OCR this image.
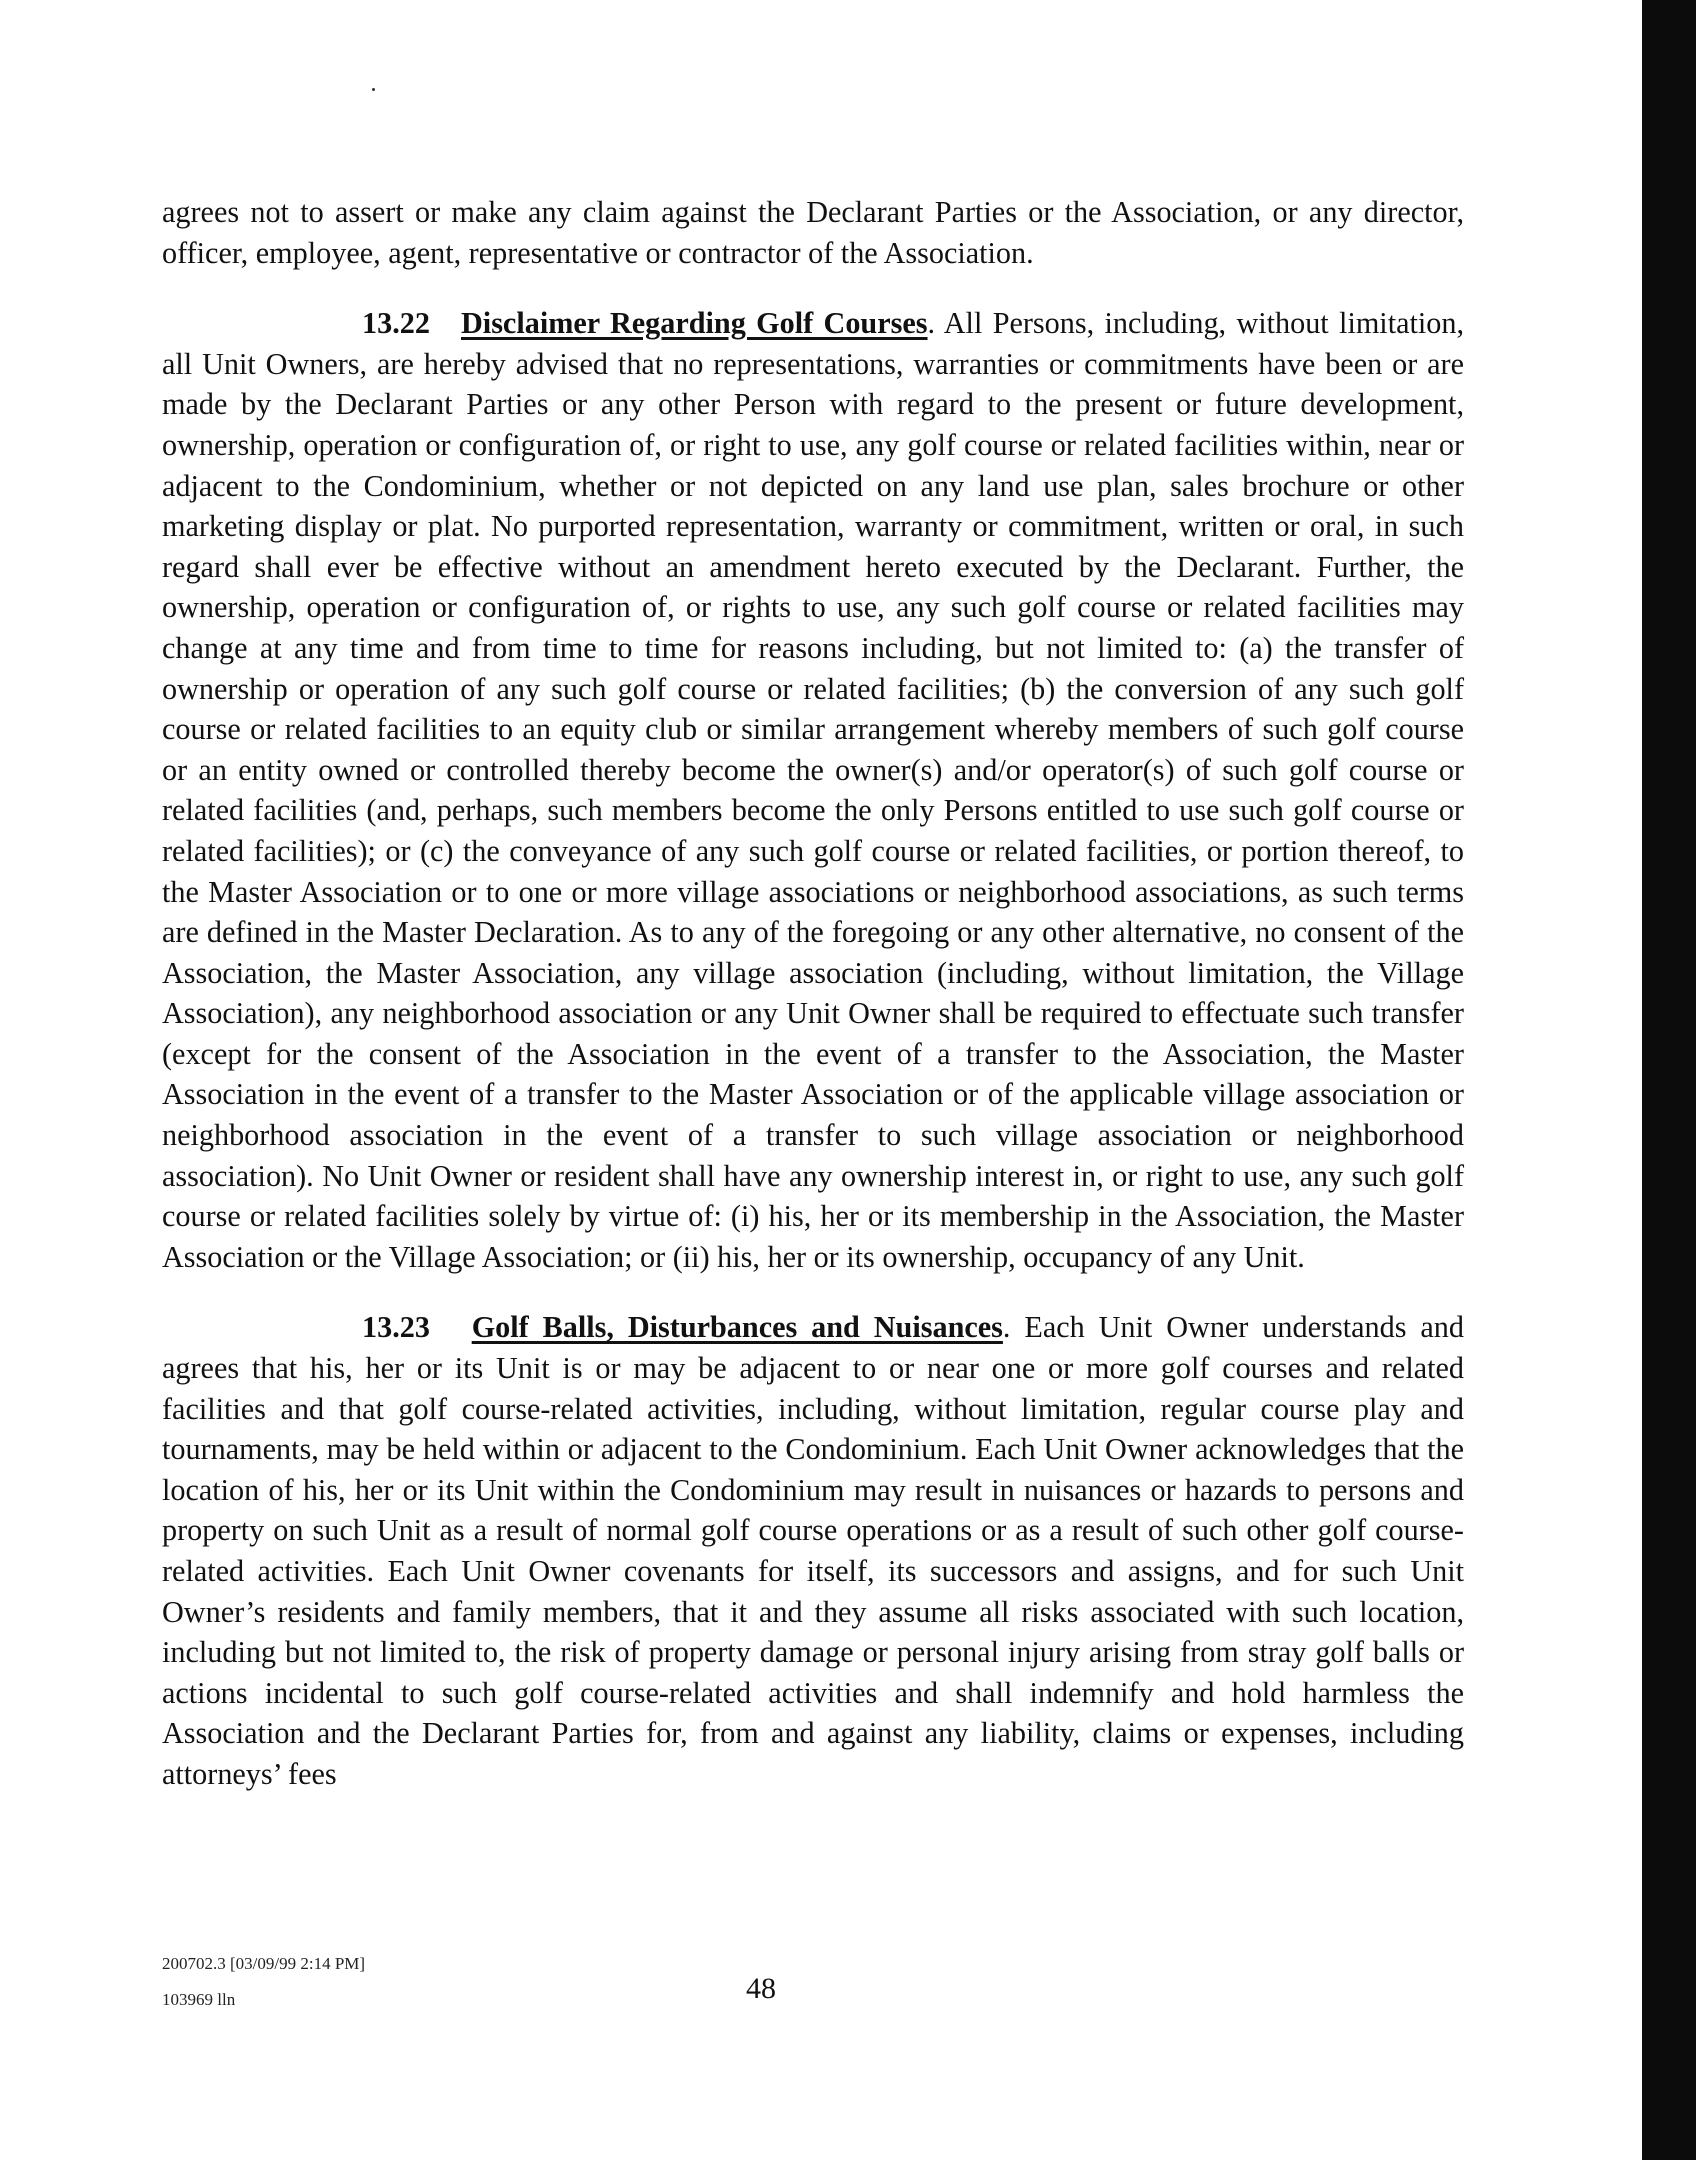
agrees not to assert or make any claim against the Declarant Parties or the Association, or any director, officer, employee, agent, representative or contractor of the Association.

13.22 Disclaimer Regarding Golf Courses. All Persons, including, without limitation, all Unit Owners, are hereby advised that no representations, warranties or commitments have been or are made by the Declarant Parties or any other Person with regard to the present or future development, ownership, operation or configuration of, or right to use, any golf course or related facilities within, near or adjacent to the Condominium, whether or not depicted on any land use plan, sales brochure or other marketing display or plat. No purported representation, warranty or commitment, written or oral, in such regard shall ever be effective without an amendment hereto executed by the Declarant. Further, the ownership, operation or configuration of, or rights to use, any such golf course or related facilities may change at any time and from time to time for reasons including, but not limited to: (a) the transfer of ownership or operation of any such golf course or related facilities; (b) the conversion of any such golf course or related facilities to an equity club or similar arrangement whereby members of such golf course or an entity owned or controlled thereby become the owner(s) and/or operator(s) of such golf course or related facilities (and, perhaps, such members become the only Persons entitled to use such golf course or related facilities); or (c) the conveyance of any such golf course or related facilities, or portion thereof, to the Master Association or to one or more village associations or neighborhood associations, as such terms are defined in the Master Declaration. As to any of the foregoing or any other alternative, no consent of the Association, the Master Association, any village association (including, without limitation, the Village Association), any neighborhood association or any Unit Owner shall be required to effectuate such transfer (except for the consent of the Association in the event of a transfer to the Association, the Master Association in the event of a transfer to the Master Association or of the applicable village association or neighborhood association in the event of a transfer to such village association or neighborhood association). No Unit Owner or resident shall have any ownership interest in, or right to use, any such golf course or related facilities solely by virtue of: (i) his, her or its membership in the Association, the Master Association or the Village Association; or (ii) his, her or its ownership, occupancy of any Unit.

13.23 Golf Balls, Disturbances and Nuisances. Each Unit Owner understands and agrees that his, her or its Unit is or may be adjacent to or near one or more golf courses and related facilities and that golf course-related activities, including, without limitation, regular course play and tournaments, may be held within or adjacent to the Condominium. Each Unit Owner acknowledges that the location of his, her or its Unit within the Condominium may result in nuisances or hazards to persons and property on such Unit as a result of normal golf course operations or as a result of such other golf course-related activities. Each Unit Owner covenants for itself, its successors and assigns, and for such Unit Owner’s residents and family members, that it and they assume all risks associated with such location, including but not limited to, the risk of property damage or personal injury arising from stray golf balls or actions incidental to such golf course-related activities and shall indemnify and hold harmless the Association and the Declarant Parties for, from and against any liability, claims or expenses, including attorneys’ fees

200702.3 [03/09/99 2:14 PM]
103969 lln	48
